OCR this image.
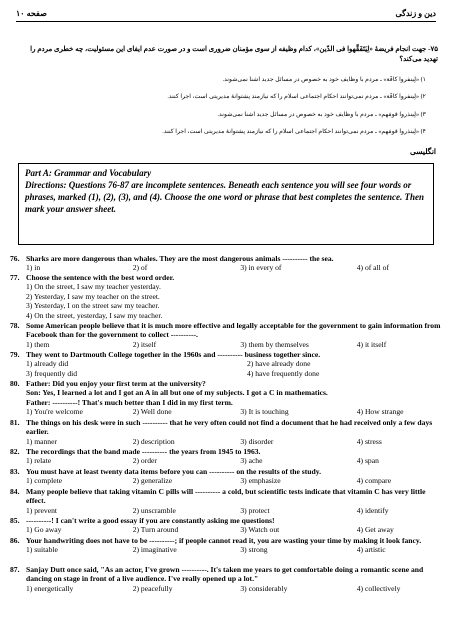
صفحه ۱۰	دین و زندگی
۷۵- جهت انجام فریضهٔ «لِیَتَفَقَّهوا فی الدّین»، کدام وظیفه از سوی مؤمنان ضروری است و در صورت عدم ایفای این مسئولیت، چه خطری مردم را تهدید می‌کند؟
۱) «لِینفروا کافَّة» ـ مردم با وظایف خود به خصوص در مسائل جدید آشنا نمی‌شوند.
۲) «لِینفروا کافَّة» ـ مردم نمی‌توانند احکام اجتماعی اسلام را که نیازمند پشتوانهٔ مدیریتی است، اجرا کنند.
۳) «لِینذروا قومَهم» ـ مردم با وظایف خود به خصوص در مسائل جدید آشنا نمی‌شوند.
۴) «لِینذروا قومَهم» ـ مردم نمی‌توانند احکام اجتماعی اسلام را که نیازمند پشتوانهٔ مدیریتی است، اجرا کنند.
انگلیسی
Part A: Grammar and Vocabulary
Directions: Questions 76-87 are incomplete sentences. Beneath each sentence you will see four words or phrases, marked (1), (2), (3), and (4). Choose the one word or phrase that best completes the sentence. Then mark your answer sheet.
76. Sharks are more dangerous than whales. They are the most dangerous animals ---------- the sea.
1) in	2) of	3) in every of	4) of all of
77. Choose the sentence with the best word order.
1) On the street, I saw my teacher yesterday.
2) Yesterday, I saw my teacher on the street.
3) Yesterday, I on the street saw my teacher.
4) On the street, yesterday, I saw my teacher.
78. Some American people believe that it is much more effective and legally acceptable for the government to gain information from Facebook than for the government to collect ----------.
1) them	2) itself	3) them by themselves	4) it itself
79. They went to Dartmouth College together in the 1960s and ---------- business together since.
1) already did	2) have already done
3) frequently did	4) have frequently done
80. Father: Did you enjoy your first term at the university?
Son: Yes, I learned a lot and I got an A in all but one of my subjects. I got a C in mathematics.
Father: ----------! That's much better than I did in my first term.
1) You're welcome	2) Well done	3) It is touching	4) How strange
81. The things on his desk were in such ---------- that he very often could not find a document that he had received only a few days earlier.
1) manner	2) description	3) disorder	4) stress
82. The recordings that the band made ---------- the years from 1945 to 1963.
1) relate	2) order	3) ache	4) span
83. You must have at least twenty data items before you can ---------- on the results of the study.
1) complete	2) generalize	3) emphasize	4) compare
84. Many people believe that taking vitamin C pills will ---------- a cold, but scientific tests indicate that vitamin C has very little effect.
1) prevent	2) unscramble	3) protect	4) identify
85. ----------! I can't write a good essay if you are constantly asking me questions!
1) Go away	2) Turn around	3) Watch out	4) Get away
86. Your handwriting does not have to be ----------; if people cannot read it, you are wasting your time by making it look fancy.
1) suitable	2) imaginative	3) strong	4) artistic
87. Sanjay Dutt once said, "As an actor, I've grown ----------. It's taken me years to get comfortable doing a romantic scene and dancing on stage in front of a live audience. I've really opened up a lot."
1) energetically	2) peacefully	3) considerably	4) collectively
